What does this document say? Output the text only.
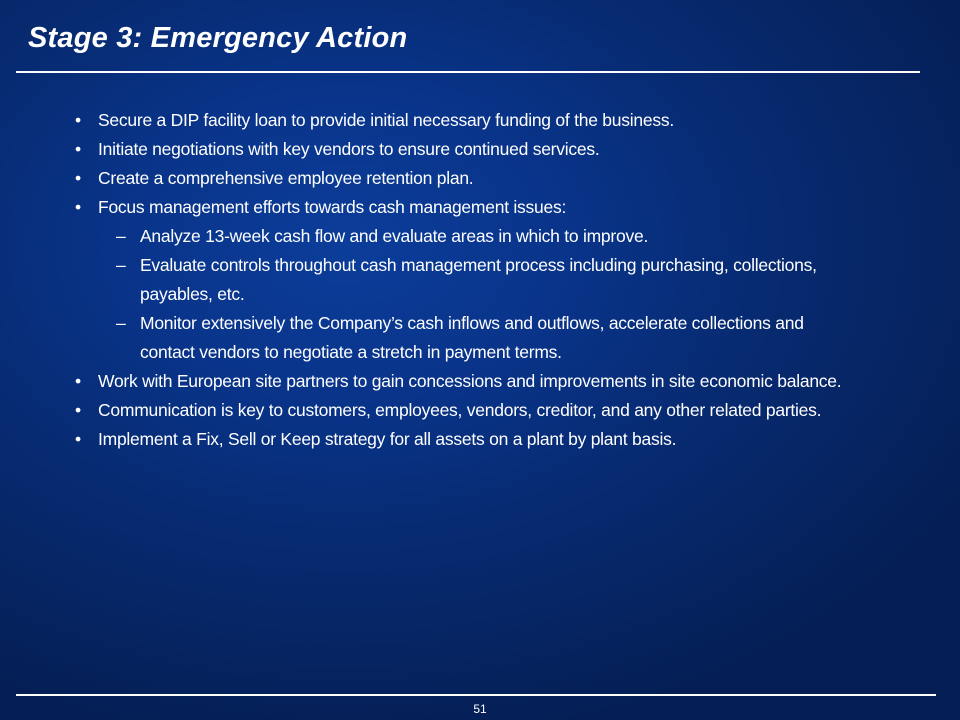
Stage 3: Emergency Action
• Secure a DIP facility loan to provide initial necessary funding of the business.
• Initiate negotiations with key vendors to ensure continued services.
• Create a comprehensive employee retention plan.
• Focus management efforts towards cash management issues:
– Analyze 13-week cash flow and evaluate areas in which to improve.
– Evaluate controls throughout cash management process including purchasing, collections, payables, etc.
– Monitor extensively the Company’s cash inflows and outflows, accelerate collections and contact vendors to negotiate a stretch in payment terms.
• Work with European site partners to gain concessions and improvements in site economic balance.
• Communication is key to customers, employees, vendors, creditor, and any other related parties.
• Implement a Fix, Sell or Keep strategy for all assets on a plant by plant basis.
51
